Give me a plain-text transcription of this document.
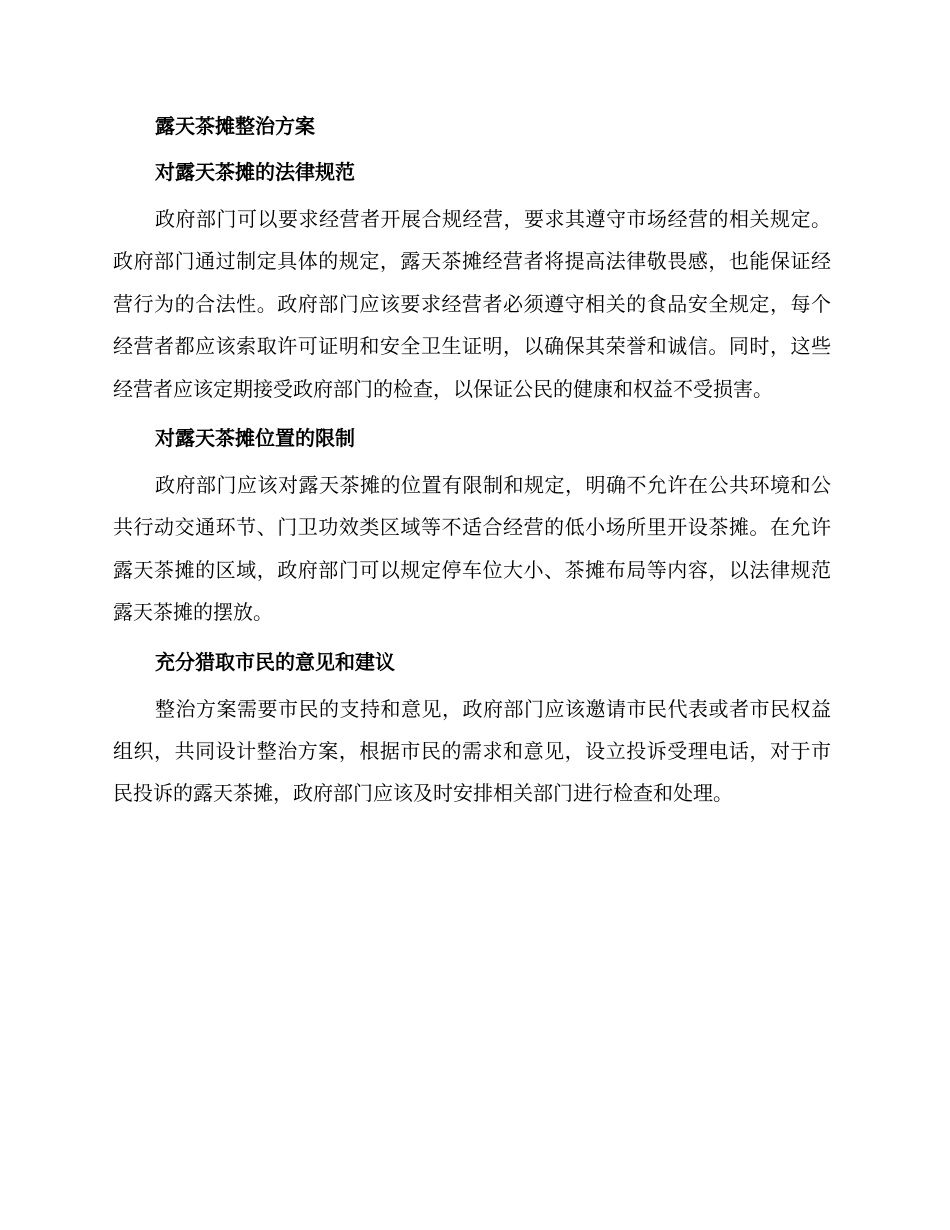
露天茶摊整治方案

对露天茶摊的法律规范

政府部门可以要求经营者开展合规经营，要求其遵守市场经营的相关规定。政府部门通过制定具体的规定，露天茶摊经营者将提高法律敬畏感，也能保证经营行为的合法性。政府部门应该要求经营者必须遵守相关的食品安全规定，每个经营者都应该索取许可证明和安全卫生证明，以确保其荣誉和诚信。同时，这些经营者应该定期接受政府部门的检查，以保证公民的健康和权益不受损害。

对露天茶摊位置的限制

政府部门应该对露天茶摊的位置有限制和规定，明确不允许在公共环境和公共行动交通环节、门卫功效类区域等不适合经营的低小场所里开设茶摊。在允许露天茶摊的区域，政府部门可以规定停车位大小、茶摊布局等内容，以法律规范露天茶摊的摆放。

充分猎取市民的意见和建议

整治方案需要市民的支持和意见，政府部门应该邀请市民代表或者市民权益组织，共同设计整治方案，根据市民的需求和意见，设立投诉受理电话，对于市民投诉的露天茶摊，政府部门应该及时安排相关部门进行检查和处理。
